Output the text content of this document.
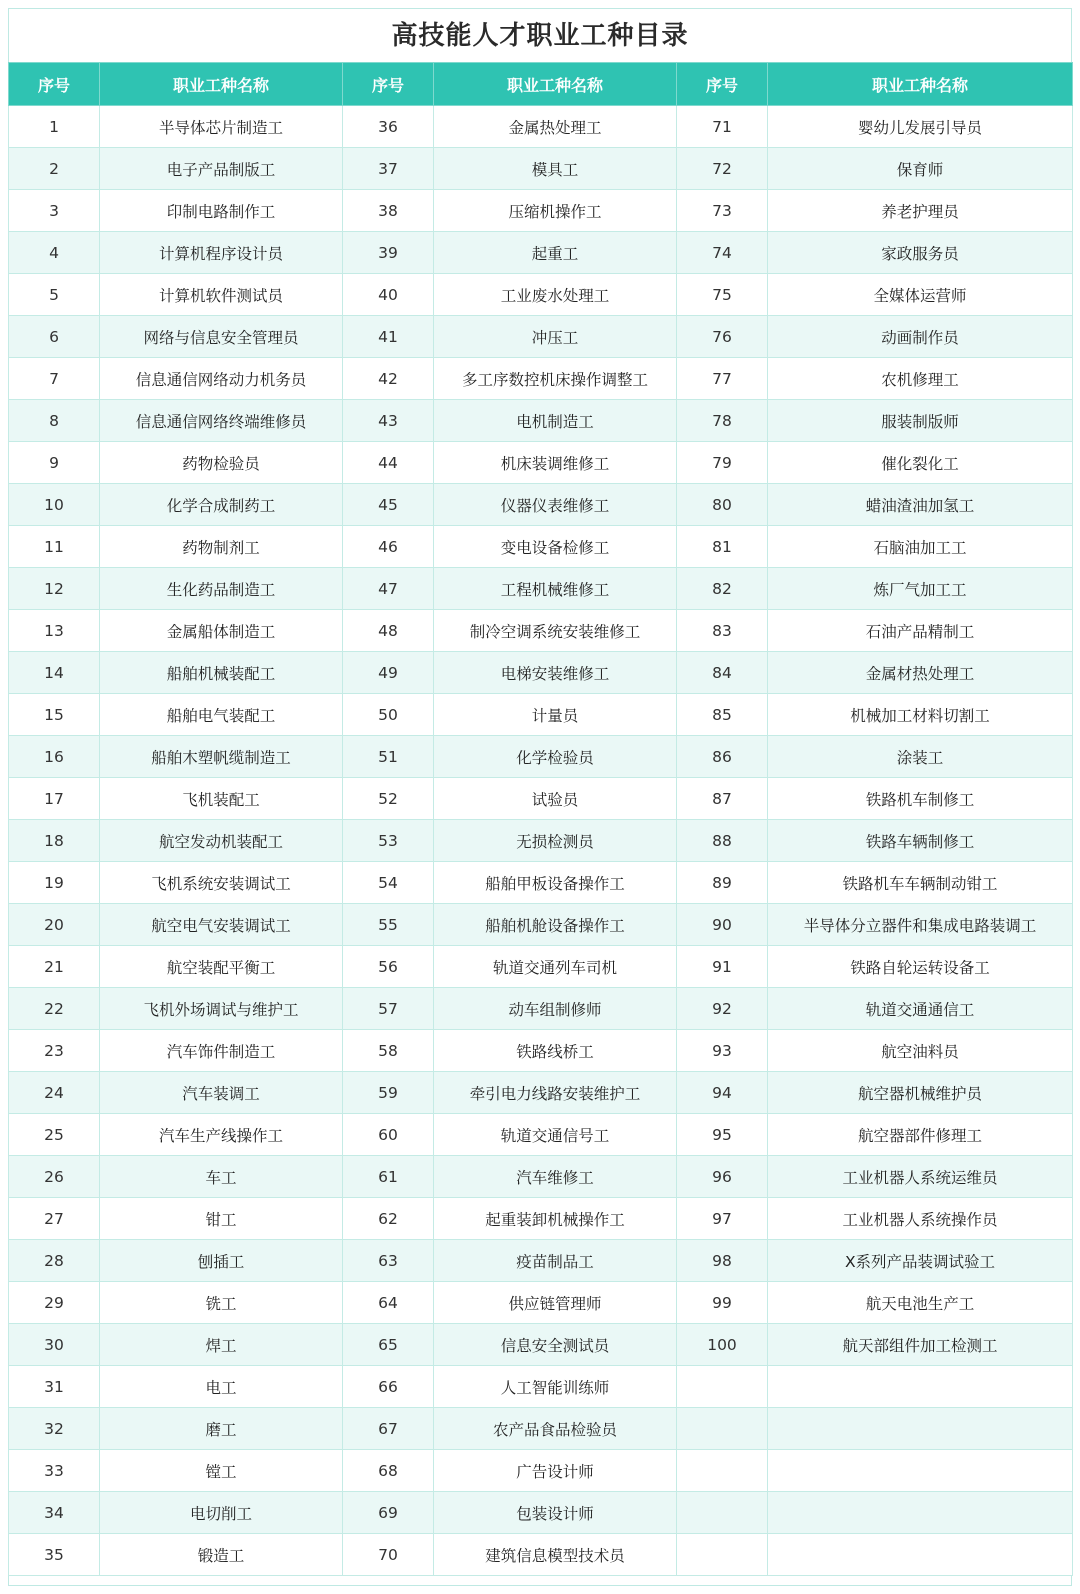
高技能人才职业工种目录
序号	职业工种名称	序号	职业工种名称	序号	职业工种名称
1	半导体芯片制造工	36	金属热处理工	71	婴幼儿发展引导员
2	电子产品制版工	37	模具工	72	保育师
3	印制电路制作工	38	压缩机操作工	73	养老护理员
4	计算机程序设计员	39	起重工	74	家政服务员
5	计算机软件测试员	40	工业废水处理工	75	全媒体运营师
6	网络与信息安全管理员	41	冲压工	76	动画制作员
7	信息通信网络动力机务员	42	多工序数控机床操作调整工	77	农机修理工
8	信息通信网络终端维修员	43	电机制造工	78	服装制版师
9	药物检验员	44	机床装调维修工	79	催化裂化工
10	化学合成制药工	45	仪器仪表维修工	80	蜡油渣油加氢工
11	药物制剂工	46	变电设备检修工	81	石脑油加工工
12	生化药品制造工	47	工程机械维修工	82	炼厂气加工工
13	金属船体制造工	48	制冷空调系统安装维修工	83	石油产品精制工
14	船舶机械装配工	49	电梯安装维修工	84	金属材热处理工
15	船舶电气装配工	50	计量员	85	机械加工材料切割工
16	船舶木塑帆缆制造工	51	化学检验员	86	涂装工
17	飞机装配工	52	试验员	87	铁路机车制修工
18	航空发动机装配工	53	无损检测员	88	铁路车辆制修工
19	飞机系统安装调试工	54	船舶甲板设备操作工	89	铁路机车车辆制动钳工
20	航空电气安装调试工	55	船舶机舱设备操作工	90	半导体分立器件和集成电路装调工
21	航空装配平衡工	56	轨道交通列车司机	91	铁路自轮运转设备工
22	飞机外场调试与维护工	57	动车组制修师	92	轨道交通通信工
23	汽车饰件制造工	58	铁路线桥工	93	航空油料员
24	汽车装调工	59	牵引电力线路安装维护工	94	航空器机械维护员
25	汽车生产线操作工	60	轨道交通信号工	95	航空器部件修理工
26	车工	61	汽车维修工	96	工业机器人系统运维员
27	钳工	62	起重装卸机械操作工	97	工业机器人系统操作员
28	刨插工	63	疫苗制品工	98	X系列产品装调试验工
29	铣工	64	供应链管理师	99	航天电池生产工
30	焊工	65	信息安全测试员	100	航天部组件加工检测工
31	电工	66	人工智能训练师		
32	磨工	67	农产品食品检验员		
33	镗工	68	广告设计师		
34	电切削工	69	包装设计师		
35	锻造工	70	建筑信息模型技术员		
